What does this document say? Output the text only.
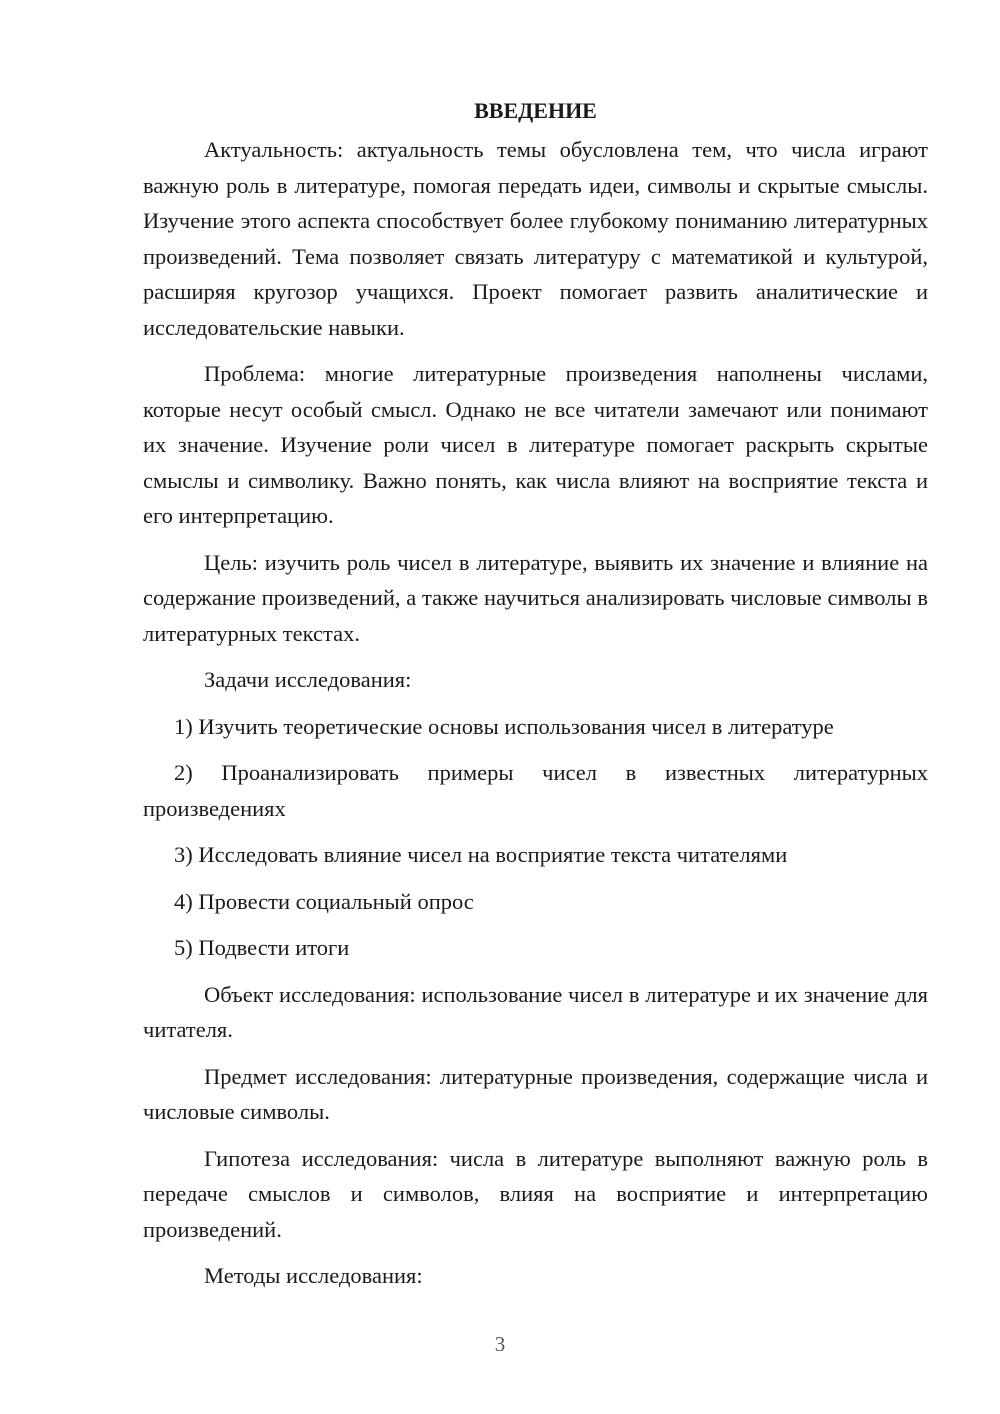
ВВЕДЕНИЕ

Актуальность: актуальность темы обусловлена тем, что числа играют важную роль в литературе, помогая передать идеи, символы и скрытые смыслы. Изучение этого аспекта способствует более глубокому пониманию литературных произведений. Тема позволяет связать литературу с математикой и культурой, расширяя кругозор учащихся. Проект помогает развить аналитические и исследовательские навыки.

Проблема: многие литературные произведения наполнены числами, которые несут особый смысл. Однако не все читатели замечают или понимают их значение. Изучение роли чисел в литературе помогает раскрыть скрытые смыслы и символику. Важно понять, как числа влияют на восприятие текста и его интерпретацию.

Цель: изучить роль чисел в литературе, выявить их значение и влияние на содержание произведений, а также научиться анализировать числовые символы в литературных текстах.

Задачи исследования:

1) Изучить теоретические основы использования чисел в литературе

2) Проанализировать примеры чисел в известных литературных произведениях

3) Исследовать влияние чисел на восприятие текста читателями

4) Провести социальный опрос

5) Подвести итоги

Объект исследования: использование чисел в литературе и их значение для читателя.

Предмет исследования: литературные произведения, содержащие числа и числовые символы.

Гипотеза исследования: числа в литературе выполняют важную роль в передаче смыслов и символов, влияя на восприятие и интерпретацию произведений.

Методы исследования:

3
